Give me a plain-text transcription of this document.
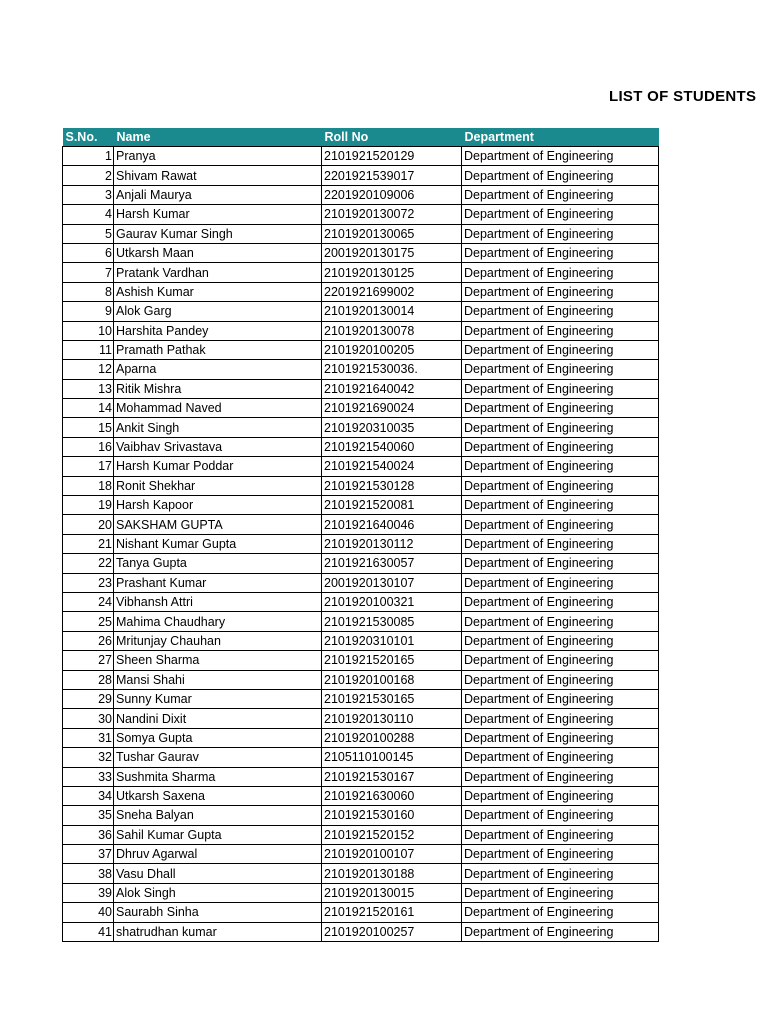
LIST OF STUDENTS
S.No.	Name	Roll No	Department
1	Pranya	2101921520129	Department of Engineering
2	Shivam Rawat	2201921539017	Department of Engineering
3	Anjali Maurya	2201920109006	Department of Engineering
4	Harsh Kumar	2101920130072	Department of Engineering
5	Gaurav Kumar Singh	2101920130065	Department of Engineering
6	Utkarsh Maan	2001920130175	Department of Engineering
7	Pratank Vardhan	2101920130125	Department of Engineering
8	Ashish Kumar	2201921699002	Department of Engineering
9	Alok Garg	2101920130014	Department of Engineering
10	Harshita Pandey	2101920130078	Department of Engineering
11	Pramath Pathak	2101920100205	Department of Engineering
12	Aparna	2101921530036.	Department of Engineering
13	Ritik Mishra	2101921640042	Department of Engineering
14	Mohammad Naved	2101921690024	Department of Engineering
15	Ankit Singh	2101920310035	Department of Engineering
16	Vaibhav Srivastava	2101921540060	Department of Engineering
17	Harsh Kumar Poddar	2101921540024	Department of Engineering
18	Ronit Shekhar	2101921530128	Department of Engineering
19	Harsh Kapoor	2101921520081	Department of Engineering
20	SAKSHAM GUPTA	2101921640046	Department of Engineering
21	Nishant Kumar Gupta	2101920130112	Department of Engineering
22	Tanya Gupta	2101921630057	Department of Engineering
23	Prashant Kumar	2001920130107	Department of Engineering
24	Vibhansh Attri	2101920100321	Department of Engineering
25	Mahima Chaudhary	2101921530085	Department of Engineering
26	Mritunjay Chauhan	2101920310101	Department of Engineering
27	Sheen Sharma	2101921520165	Department of Engineering
28	Mansi Shahi	2101920100168	Department of Engineering
29	Sunny Kumar	2101921530165	Department of Engineering
30	Nandini Dixit	2101920130110	Department of Engineering
31	Somya Gupta	2101920100288	Department of Engineering
32	Tushar Gaurav	2105110100145	Department of Engineering
33	Sushmita Sharma	2101921530167	Department of Engineering
34	Utkarsh Saxena	2101921630060	Department of Engineering
35	Sneha Balyan	2101921530160	Department of Engineering
36	Sahil Kumar Gupta	2101921520152	Department of Engineering
37	Dhruv Agarwal	2101920100107	Department of Engineering
38	Vasu Dhall	2101920130188	Department of Engineering
39	Alok Singh	2101920130015	Department of Engineering
40	Saurabh Sinha	2101921520161	Department of Engineering
41	shatrudhan kumar	2101920100257	Department of Engineering
